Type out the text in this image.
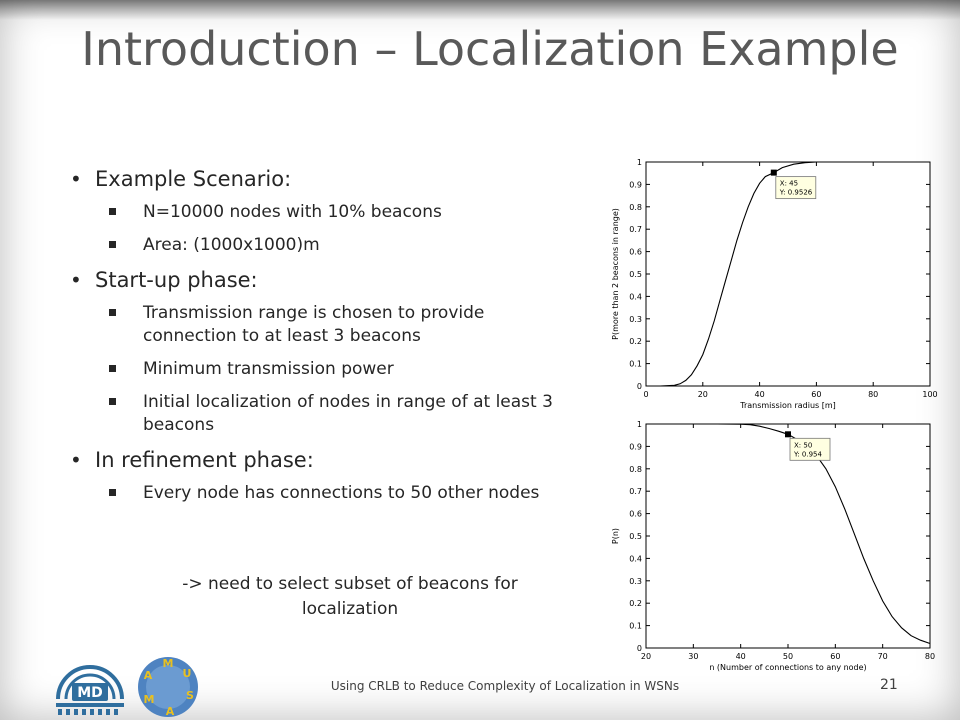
Introduction – Localization Example
• Example Scenario:
N=10000 nodes with 10% beacons
Area: (1000x1000)m
• Start-up phase:
Transmission range is chosen to provide connection to at least 3 beacons
Minimum transmission power
Initial localization of nodes in range of at least 3 beacons
• In refinement phase:
Every node has connections to 50 other nodes
-> need to select subset of beacons for localization
0
0.1
0.2
0.3
0.4
0.5
0.6
0.7
0.8
0.9
1
0	20	40	60	80	100
X: 45
Y: 0.9526
Transmission radius [m]
P(more than 2 beacons in range)
0
0.1
0.2
0.3
0.4
0.5
0.6
0.7
0.8
0.9
1
20	30	40	50	60	70	80
X: 50
Y: 0.954
n (Number of connections to any node)
P(n)
MD
M
U
S
A
M
A
Using CRLB to Reduce Complexity of Localization in WSNs	21
